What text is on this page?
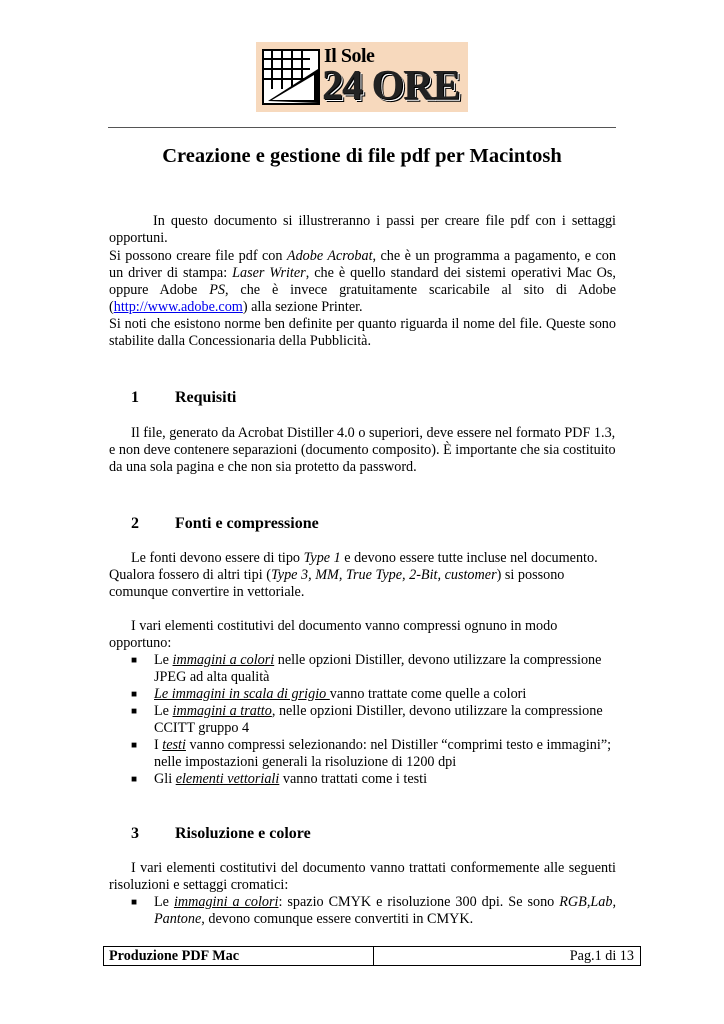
Il Sole
24 ORE
Creazione e gestione di file pdf per Macintosh
In questo documento si illustreranno i passi per creare file pdf con i settaggi opportuni.
Si possono creare file pdf con Adobe Acrobat, che è un programma a pagamento, e con un driver di stampa: Laser Writer, che è quello standard dei sistemi operativi Mac Os, oppure Adobe PS, che è invece gratuitamente scaricabile al sito di Adobe (http://www.adobe.com) alla sezione Printer.
Si noti che esistono norme ben definite per quanto riguarda il nome del file. Queste sono stabilite dalla Concessionaria della Pubblicità.
1 Requisiti
Il file, generato da Acrobat Distiller 4.0 o superiori, deve essere nel formato PDF 1.3, e non deve contenere separazioni (documento composito). È importante che sia costituito da una sola pagina e che non sia protetto da password.
2 Fonti e compressione
Le fonti devono essere di tipo Type 1 e devono essere tutte incluse nel documento. Qualora fossero di altri tipi (Type 3, MM, True Type, 2-Bit, customer) si possono comunque convertire in vettoriale.
I vari elementi costitutivi del documento vanno compressi ognuno in modo opportuno:
■ Le immagini a colori nelle opzioni Distiller, devono utilizzare la compressione JPEG ad alta qualità
■ Le immagini in scala di grigio vanno trattate come quelle a colori
■ Le immagini a tratto, nelle opzioni Distiller, devono utilizzare la compressione CCITT gruppo 4
■ I testi vanno compressi selezionando: nel Distiller “comprimi testo e immagini”; nelle impostazioni generali la risoluzione di 1200 dpi
■ Gli elementi vettoriali vanno trattati come i testi
3 Risoluzione e colore
I vari elementi costitutivi del documento vanno trattati conformemente alle seguenti risoluzioni e settaggi cromatici:
■ Le immagini a colori: spazio CMYK e risoluzione 300 dpi. Se sono RGB,Lab, Pantone, devono comunque essere convertiti in CMYK.
Produzione PDF Mac	Pag.1 di 13
